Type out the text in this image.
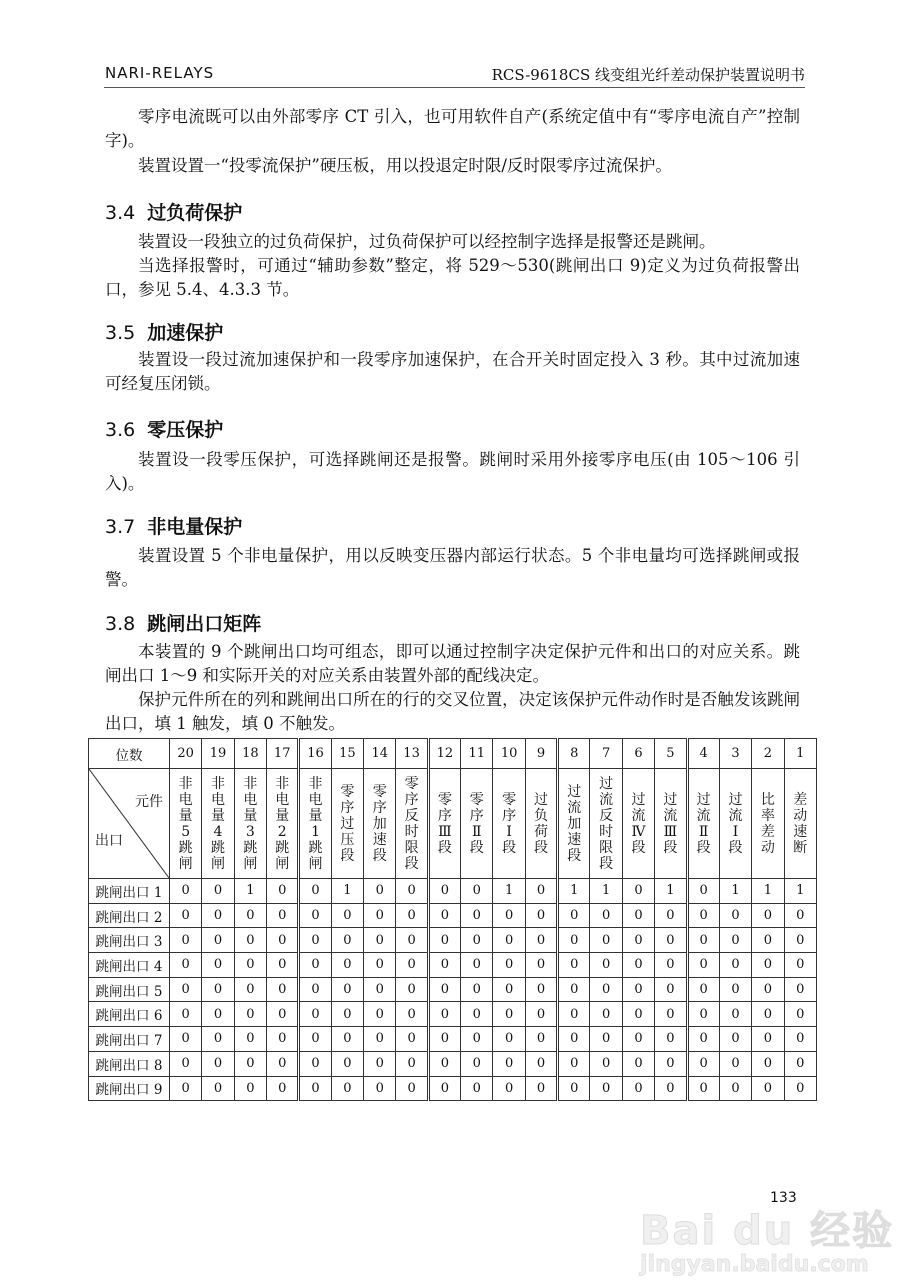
NARI-RELAYS	RCS-9618CS 线变组光纤差动保护装置说明书
零序电流既可以由外部零序 CT 引入，也可用软件自产(系统定值中有“零序电流自产”控制字)。
装置设置一“投零流保护”硬压板，用以投退定时限/反时限零序过流保护。
3.4 过负荷保护
装置设一段独立的过负荷保护，过负荷保护可以经控制字选择是报警还是跳闸。
当选择报警时，可通过“辅助参数”整定，将 529～530(跳闸出口 9)定义为过负荷报警出口，参见 5.4、4.3.3 节。
3.5 加速保护
装置设一段过流加速保护和一段零序加速保护，在合开关时固定投入 3 秒。其中过流加速可经复压闭锁。
3.6 零压保护
装置设一段零压保护，可选择跳闸还是报警。跳闸时采用外接零序电压(由 105～106 引入)。
3.7 非电量保护
装置设置 5 个非电量保护，用以反映变压器内部运行状态。5 个非电量均可选择跳闸或报警。
3.8 跳闸出口矩阵
本装置的 9 个跳闸出口均可组态，即可以通过控制字决定保护元件和出口的对应关系。跳闸出口 1～9 和实际开关的对应关系由装置外部的配线决定。
保护元件所在的列和跳闸出口所在的行的交叉位置，决定该保护元件动作时是否触发该跳闸出口，填 1 触发，填 0 不触发。
位数	20	19	18	17	16	15	14	13	12	11	10	9	8	7	6	5	4	3	2	1

元件
出口	非电量5跳闸	非电量4跳闸	非电量3跳闸	非电量2跳闸	非电量1跳闸	零序过压段	零序加速段	零序反时限段	零序Ⅲ段	零序Ⅱ段	零序Ⅰ段	过负荷段	过流加速段	过流反时限段	过流Ⅳ段	过流Ⅲ段	过流Ⅱ段	过流Ⅰ段	比率差动	差动速断
跳闸出口 1	0	0	1	0	0	1	0	0	0	0	1	0	1	1	0	1	0	1	1	1
跳闸出口 2	0	0	0	0	0	0	0	0	0	0	0	0	0	0	0	0	0	0	0	0
跳闸出口 3	0	0	0	0	0	0	0	0	0	0	0	0	0	0	0	0	0	0	0	0
跳闸出口 4	0	0	0	0	0	0	0	0	0	0	0	0	0	0	0	0	0	0	0	0
跳闸出口 5	0	0	0	0	0	0	0	0	0	0	0	0	0	0	0	0	0	0	0	0
跳闸出口 6	0	0	0	0	0	0	0	0	0	0	0	0	0	0	0	0	0	0	0	0
跳闸出口 7	0	0	0	0	0	0	0	0	0	0	0	0	0	0	0	0	0	0	0	0
跳闸出口 8	0	0	0	0	0	0	0	0	0	0	0	0	0	0	0	0	0	0	0	0
跳闸出口 9	0	0	0	0	0	0	0	0	0	0	0	0	0	0	0	0	0	0	0	0
133
Bai du 经验
jingyan.baidu.com
